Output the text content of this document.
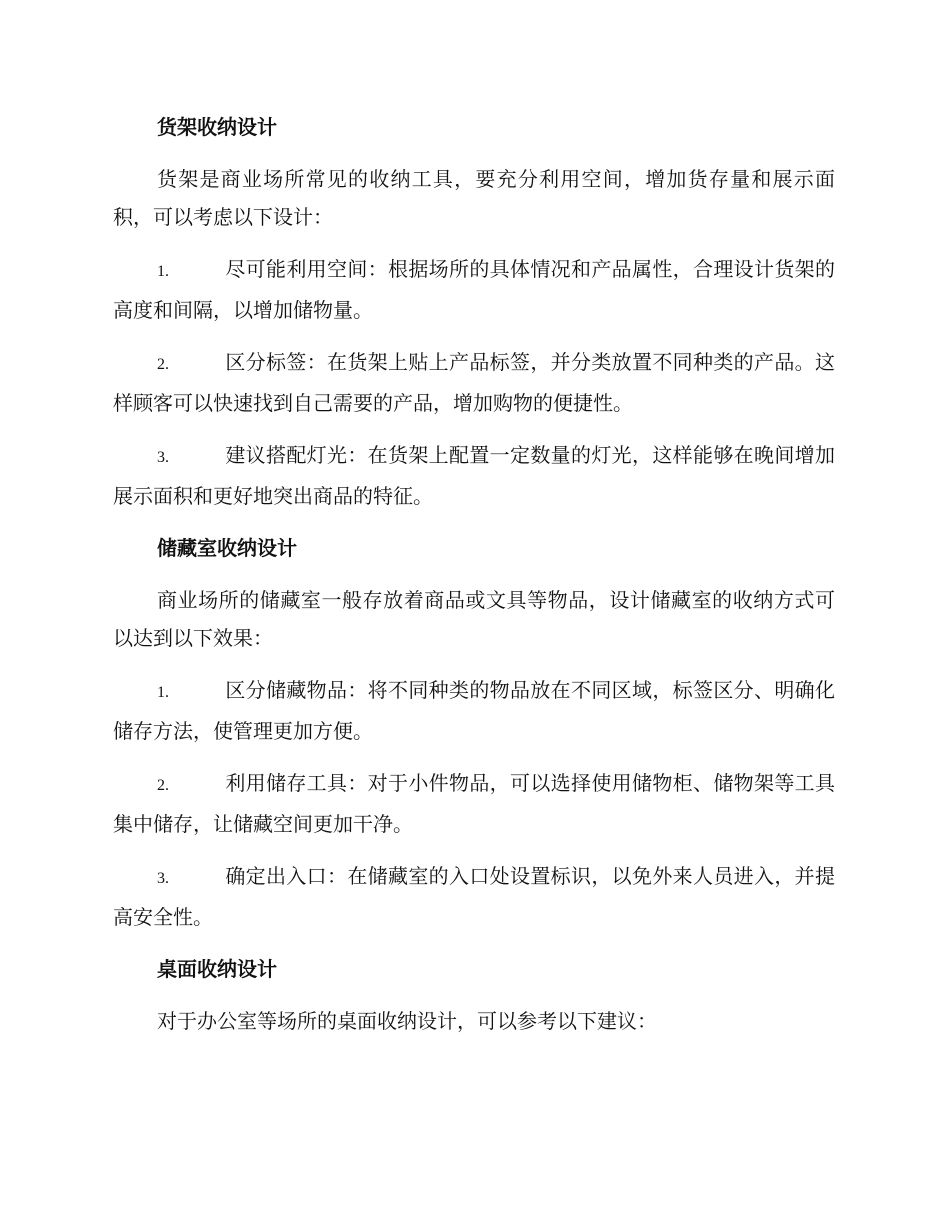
货架收纳设计

货架是商业场所常见的收纳工具，要充分利用空间，增加货存量和展示面积，可以考虑以下设计：

1.	尽可能利用空间：根据场所的具体情况和产品属性，合理设计货架的高度和间隔，以增加储物量。

2.	区分标签：在货架上贴上产品标签，并分类放置不同种类的产品。这样顾客可以快速找到自己需要的产品，增加购物的便捷性。

3.	建议搭配灯光：在货架上配置一定数量的灯光，这样能够在晚间增加展示面积和更好地突出商品的特征。

储藏室收纳设计

商业场所的储藏室一般存放着商品或文具等物品，设计储藏室的收纳方式可以达到以下效果：

1.	区分储藏物品：将不同种类的物品放在不同区域，标签区分、明确化储存方法，使管理更加方便。

2.	利用储存工具：对于小件物品，可以选择使用储物柜、储物架等工具集中储存，让储藏空间更加干净。

3.	确定出入口：在储藏室的入口处设置标识，以免外来人员进入，并提高安全性。

桌面收纳设计

对于办公室等场所的桌面收纳设计，可以参考以下建议：
